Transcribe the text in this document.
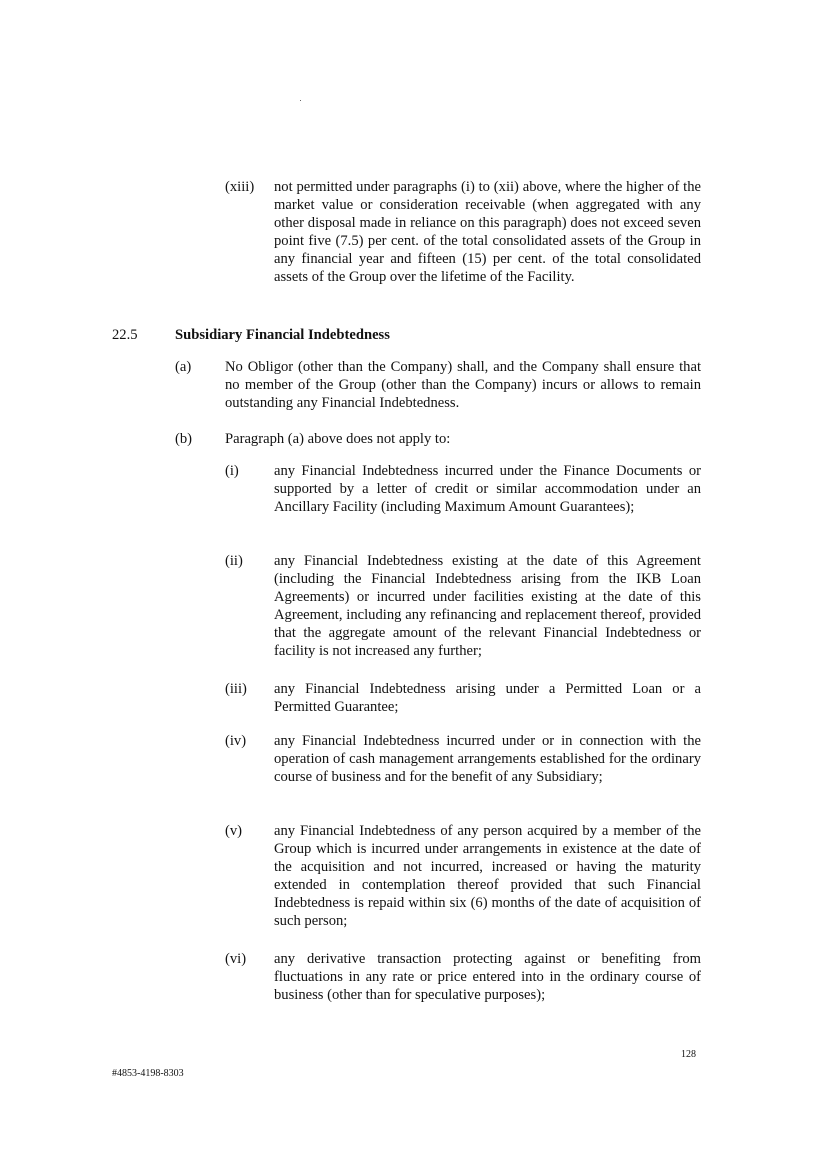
(xiii) not permitted under paragraphs (i) to (xii) above, where the higher of the market value or consideration receivable (when aggregated with any other disposal made in reliance on this paragraph) does not exceed seven point five (7.5) per cent. of the total consolidated assets of the Group in any financial year and fifteen (15) per cent. of the total consolidated assets of the Group over the lifetime of the Facility.

22.5	Subsidiary Financial Indebtedness

(a) No Obligor (other than the Company) shall, and the Company shall ensure that no member of the Group (other than the Company) incurs or allows to remain outstanding any Financial Indebtedness.

(b) Paragraph (a) above does not apply to:

(i) any Financial Indebtedness incurred under the Finance Documents or supported by a letter of credit or similar accommodation under an Ancillary Facility (including Maximum Amount Guarantees);

(ii) any Financial Indebtedness existing at the date of this Agreement (including the Financial Indebtedness arising from the IKB Loan Agreements) or incurred under facilities existing at the date of this Agreement, including any refinancing and replacement thereof, provided that the aggregate amount of the relevant Financial Indebtedness or facility is not increased any further;

(iii) any Financial Indebtedness arising under a Permitted Loan or a Permitted Guarantee;

(iv) any Financial Indebtedness incurred under or in connection with the operation of cash management arrangements established for the ordinary course of business and for the benefit of any Subsidiary;

(v) any Financial Indebtedness of any person acquired by a member of the Group which is incurred under arrangements in existence at the date of the acquisition and not incurred, increased or having the maturity extended in contemplation thereof provided that such Financial Indebtedness is repaid within six (6) months of the date of acquisition of such person;

(vi) any derivative transaction protecting against or benefiting from fluctuations in any rate or price entered into in the ordinary course of business (other than for speculative purposes);

128
#4853-4198-8303
